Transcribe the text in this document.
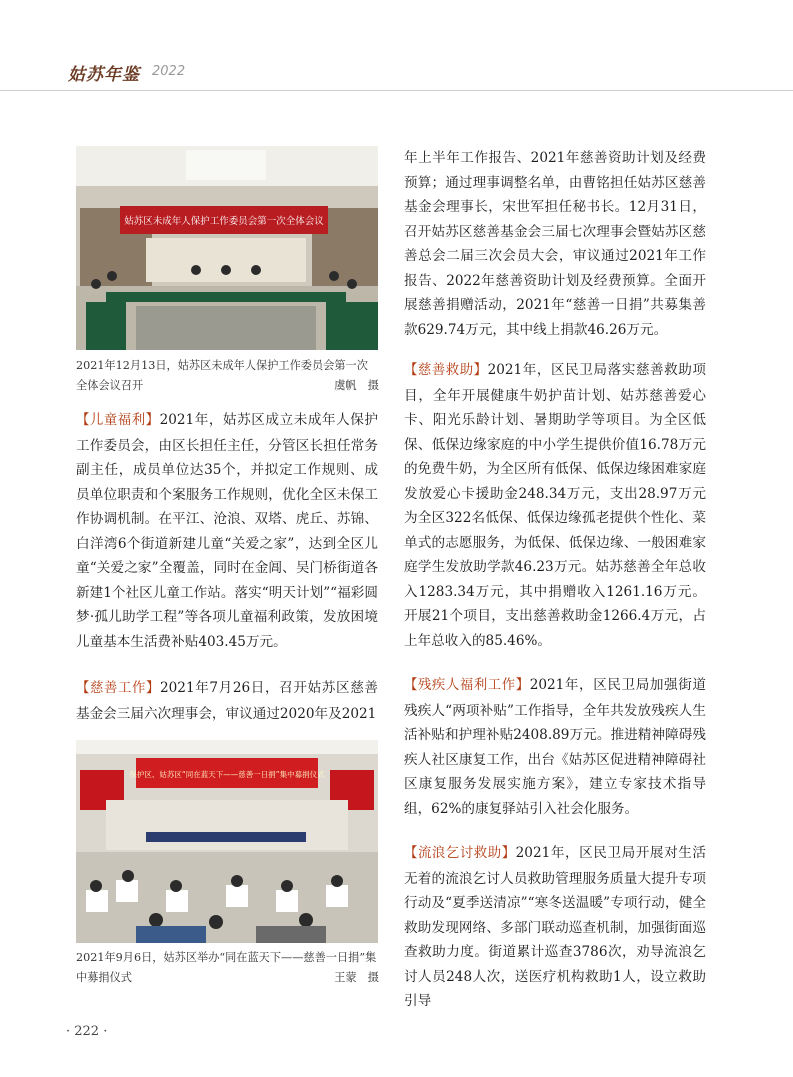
姑苏年鉴 2022
姑苏区未成年人保护工作委员会第一次全体会议
2021年12月13日，姑苏区未成年人保护工作委员会第一次全体会议召开	虞帆　摄

【儿童福利】2021年，姑苏区成立未成年人保护工作委员会，由区长担任主任，分管区长担任常务副主任，成员单位达35个，并拟定工作规则、成员单位职责和个案服务工作规则，优化全区未保工作协调机制。在平江、沧浪、双塔、虎丘、苏锦、白洋湾6个街道新建儿童“关爱之家”，达到全区儿童“关爱之家”全覆盖，同时在金阊、吴门桥街道各新建1个社区儿童工作站。落实“明天计划”“福彩圆梦·孤儿助学工程”等各项儿童福利政策，发放困境儿童基本生活费补贴403.45万元。

【慈善工作】2021年7月26日，召开姑苏区慈善基金会三届六次理事会，审议通过2020年及2021

保护区、姑苏区“同在蓝天下——慈善一日捐”集中募捐仪式
2021年9月6日，姑苏区举办“同在蓝天下——慈善一日捐”集中募捐仪式	王蒙　摄

年上半年工作报告、2021年慈善资助计划及经费预算；通过理事调整名单，由曹铭担任姑苏区慈善基金会理事长，宋世军担任秘书长。12月31日，召开姑苏区慈善基金会三届七次理事会暨姑苏区慈善总会二届三次会员大会，审议通过2021年工作报告、2022年慈善资助计划及经费预算。全面开展慈善捐赠活动，2021年“慈善一日捐”共募集善款629.74万元，其中线上捐款46.26万元。

【慈善救助】2021年，区民卫局落实慈善救助项目，全年开展健康牛奶护苗计划、姑苏慈善爱心卡、阳光乐龄计划、暑期助学等项目。为全区低保、低保边缘家庭的中小学生提供价值16.78万元的免费牛奶，为全区所有低保、低保边缘困难家庭发放爱心卡援助金248.34万元，支出28.97万元为全区322名低保、低保边缘孤老提供个性化、菜单式的志愿服务，为低保、低保边缘、一般困难家庭学生发放助学款46.23万元。姑苏慈善全年总收入1283.34万元，其中捐赠收入1261.16万元。开展21个项目，支出慈善救助金1266.4万元，占上年总收入的85.46%。

【残疾人福利工作】2021年，区民卫局加强街道残疾人“两项补贴”工作指导，全年共发放残疾人生活补贴和护理补贴2408.89万元。推进精神障碍残疾人社区康复工作，出台《姑苏区促进精神障碍社区康复服务发展实施方案》，建立专家技术指导组，62%的康复驿站引入社会化服务。

【流浪乞讨救助】2021年，区民卫局开展对生活无着的流浪乞讨人员救助管理服务质量大提升专项行动及“夏季送清凉”“寒冬送温暖”专项行动，健全救助发现网络、多部门联动巡查机制，加强街面巡查救助力度。街道累计巡查3786次，劝导流浪乞讨人员248人次，送医疗机构救助1人，设立救助引导

· 222 ·
